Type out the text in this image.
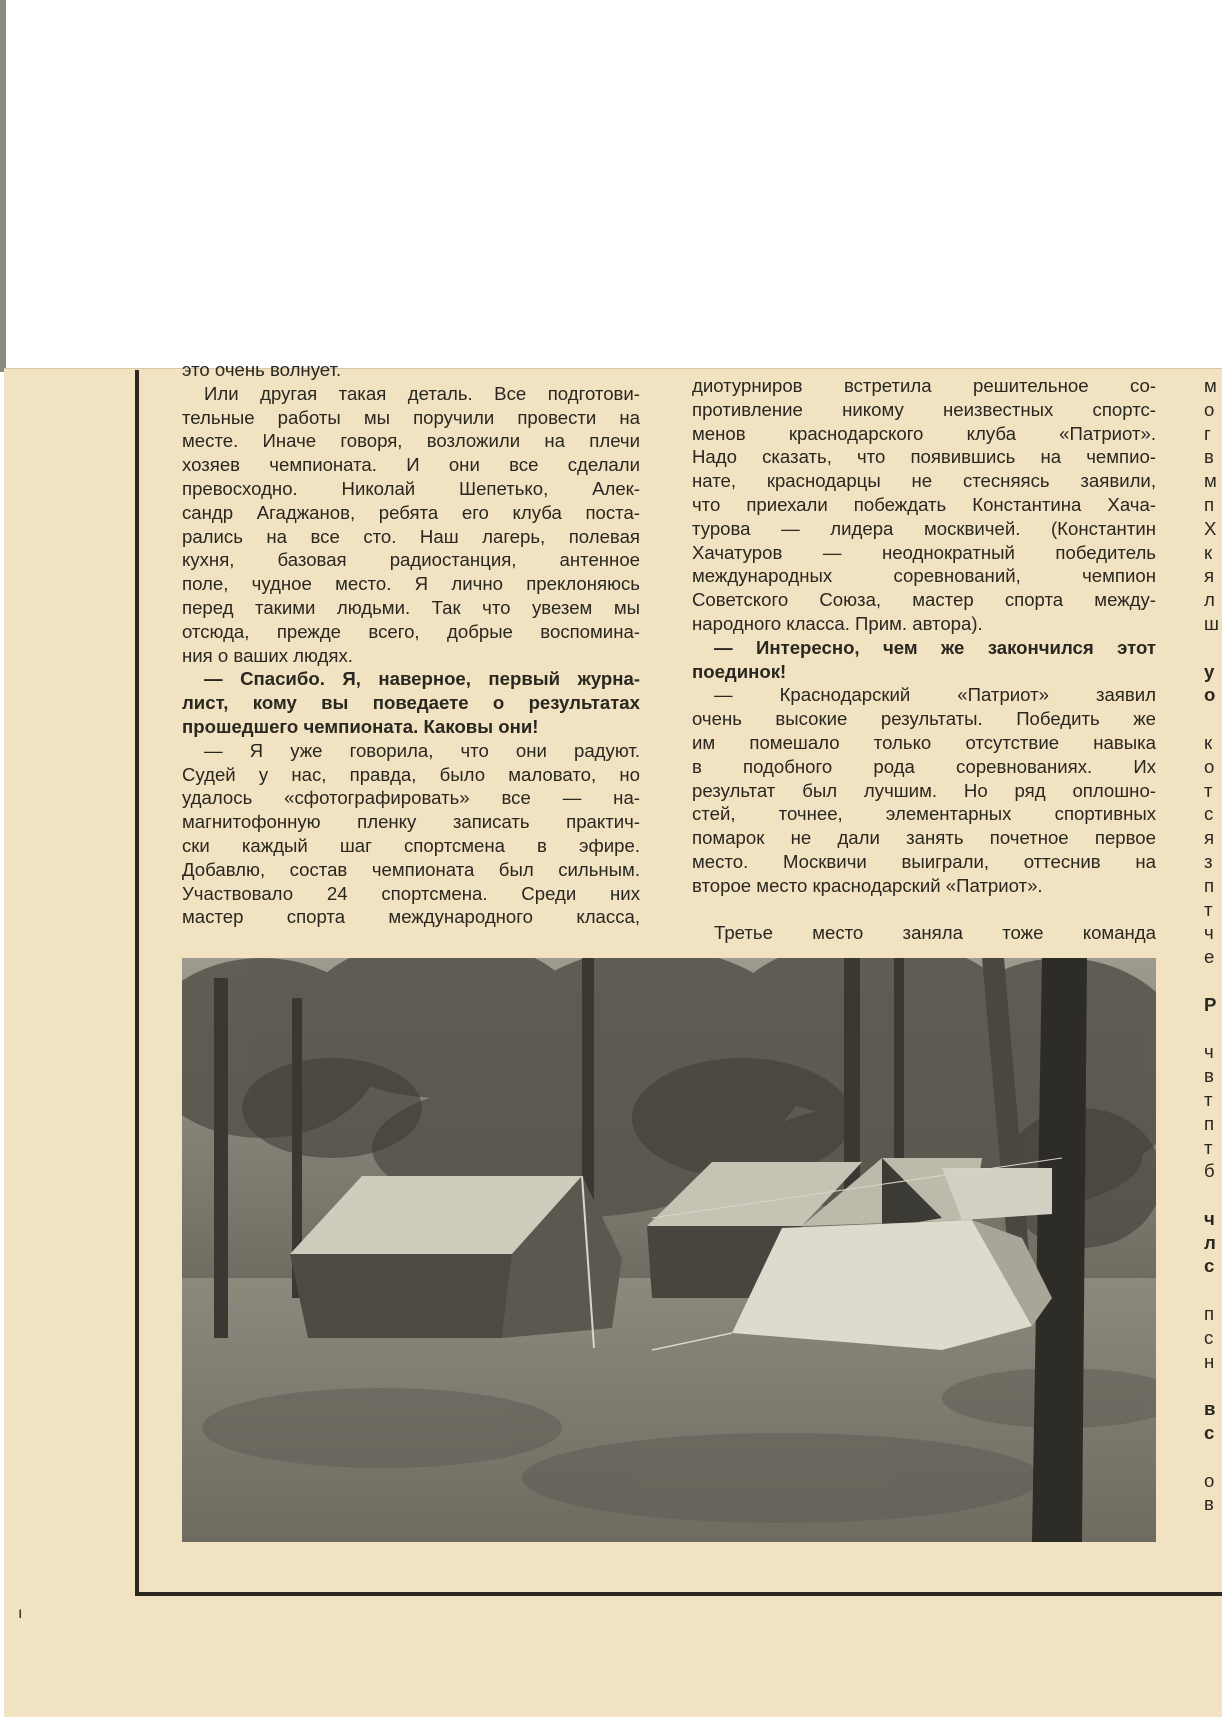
это очень волнует.

Или другая такая деталь. Все подготови-

тельные работы мы поручили провести на

месте. Иначе говоря, возложили на плечи

хозяев чемпионата. И они все сделали

превосходно. Николай Шепетько, Алек-

сандр Агаджанов, ребята его клуба поста-

рались на все сто. Наш лагерь, полевая

кухня, базовая радиостанция, антенное

поле, чудное место. Я лично преклоняюсь

перед такими людьми. Так что увезем мы

отсюда, прежде всего, добрые воспомина-

ния о ваших людях.

— Спасибо. Я, наверное, первый журна-

лист, кому вы поведаете о результатах

прошедшего чемпионата. Каковы они!

— Я уже говорила, что они радуют.

Судей у нас, правда, было маловато, но

удалось «сфотографировать» все — на-

магнитофонную пленку записать практич-

ски каждый шаг спортсмена в эфире.

Добавлю, состав чемпионата был сильным.

Участвовало 24 спортсмена. Среди них

мастер спорта международного класса,

диотурниров встретила решительное со-

противление никому неизвестных спортс-

менов краснодарского клуба «Патриот».

Надо сказать, что появившись на чемпио-

нате, краснодарцы не стесняясь заявили,

что приехали побеждать Константина Хача-

турова — лидера москвичей. (Константин

Хачатуров — неоднократный победитель

международных соревнований, чемпион

Советского Союза, мастер спорта между-

народного класса. Прим. автора).

— Интересно, чем же закончился этот

поединок!

— Краснодарский «Патриот» заявил

очень высокие результаты. Победить же

им помешало только отсутствие навыка

в подобного рода соревнованиях. Их

результат был лучшим. Но ряд оплошно-

стей, точнее, элементарных спортивных

помарок не дали занять почетное первое

место. Москвичи выиграли, оттеснив на

второе место краснодарский «Патриот».

Третье место заняла тоже команда

м

о

г

в

м

п

Х

к

я

л

ш

у

о

к

о

т

с

я

з

п

т

ч

е

Р

ч

в

т

п

т

б

ч

л

с

п

с

н

в

с

о

в

ı
